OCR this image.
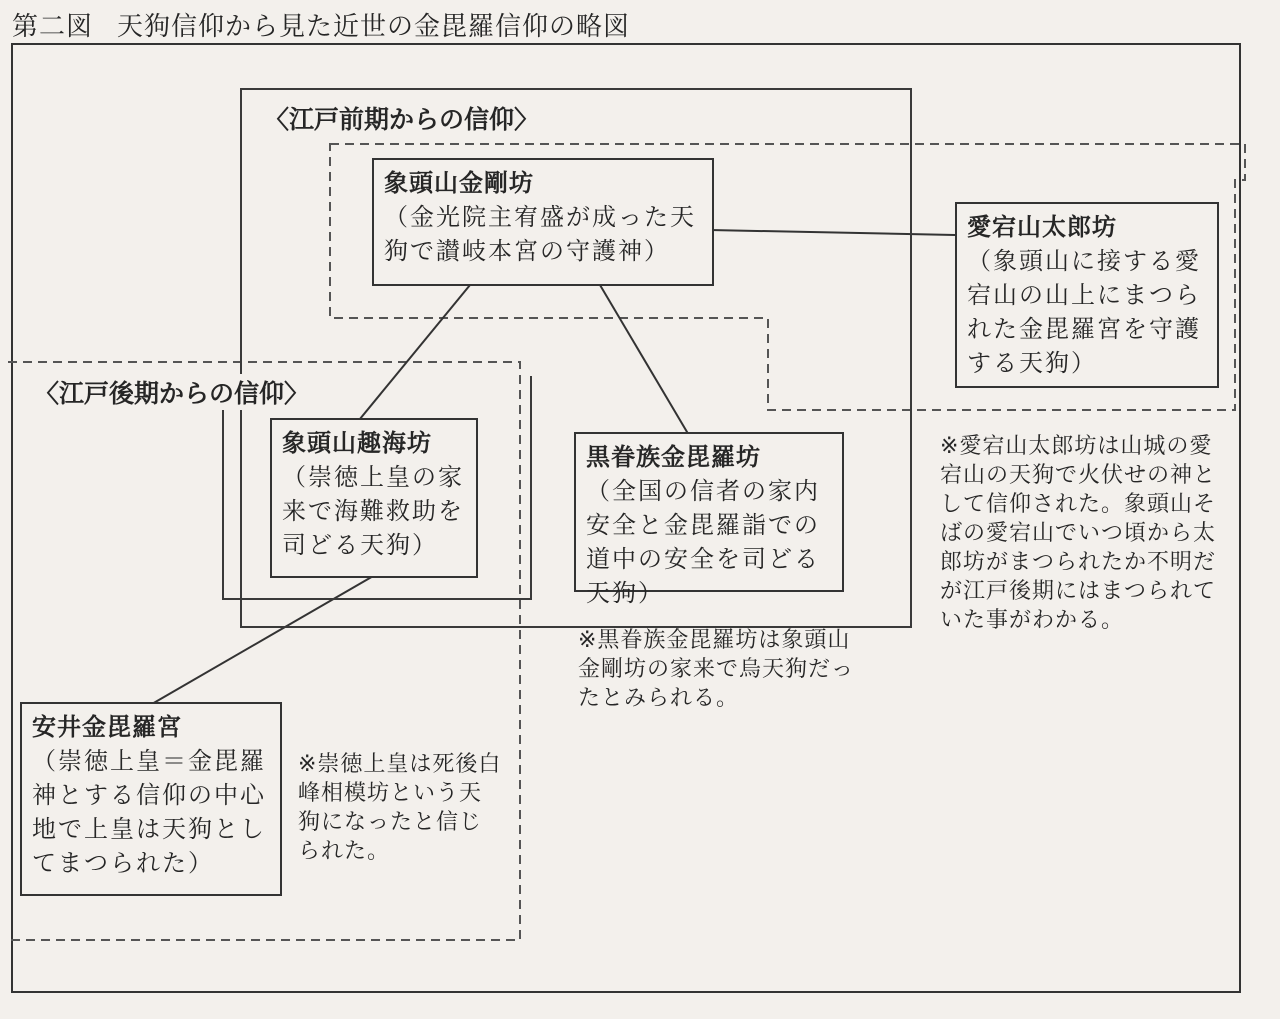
第二図 天狗信仰から見た近世の金毘羅信仰の略図
〈江戸前期からの信仰〉
〈江戸後期からの信仰〉
象頭山金剛坊
（金光院主宥盛が成った天狗で讃岐本宮の守護神）
愛宕山太郎坊
（象頭山に接する愛宕山の山上にまつられた金毘羅宮を守護する天狗）
象頭山趣海坊
（崇徳上皇の家来で海難救助を司どる天狗）
黒眷族金毘羅坊
（全国の信者の家内安全と金毘羅詣での道中の安全を司どる天狗）
安井金毘羅宮
（崇徳上皇＝金毘羅神とする信仰の中心地で上皇は天狗としてまつられた）
※愛宕山太郎坊は山城の愛宕山の天狗で火伏せの神として信仰された。象頭山そばの愛宕山でいつ頃から太郎坊がまつられたか不明だが江戸後期にはまつられていた事がわかる。
※黒眷族金毘羅坊は象頭山金剛坊の家来で烏天狗だったとみられる。
※崇徳上皇は死後白峰相模坊という天狗になったと信じられた。
